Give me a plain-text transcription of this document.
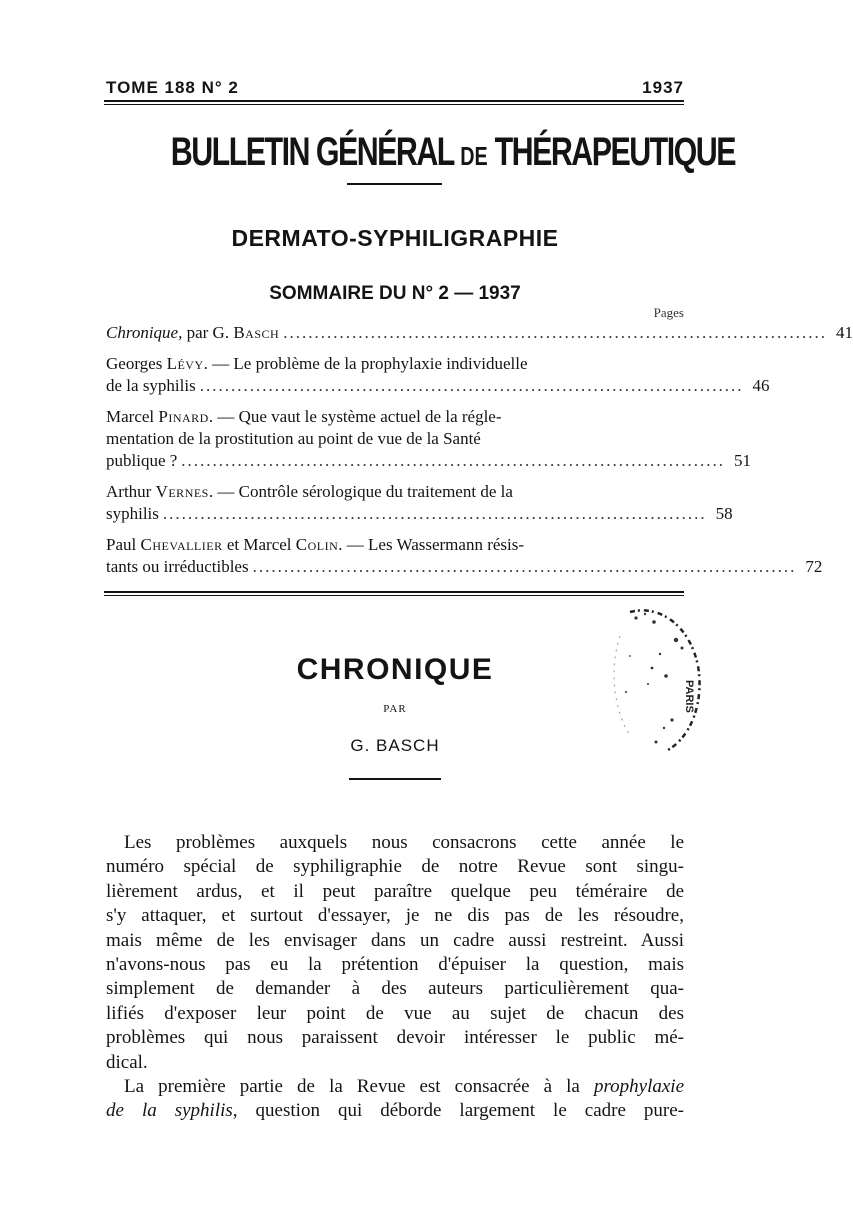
TOME 188 N° 2	1937
BULLETIN GÉNÉRAL DE THÉRAPEUTIQUE
DERMATO-SYPHILIGRAPHIE
SOMMAIRE DU N° 2 — 1937
Pages
Chronique, par G. Basch ....................................................................................... 41
Georges Lévy. — Le problème de la prophylaxie individuelle
de la syphilis ....................................................................................... 46
Marcel Pinard. — Que vaut le système actuel de la régle-
mentation de la prostitution au point de vue de la Santé
publique ? ....................................................................................... 51
Arthur Vernes. — Contrôle sérologique du traitement de la
syphilis ....................................................................................... 58
Paul Chevallier et Marcel Colin. — Les Wassermann résis-
tants ou irréductibles ....................................................................................... 72
PARIS
CHRONIQUE
PAR
G. BASCH
Les problèmes auxquels nous consacrons cette année le
numéro spécial de syphiligraphie de notre Revue sont singu-
lièrement ardus, et il peut paraître quelque peu téméraire de
s'y attaquer, et surtout d'essayer, je ne dis pas de les résoudre,
mais même de les envisager dans un cadre aussi restreint. Aussi
n'avons-nous pas eu la prétention d'épuiser la question, mais
simplement de demander à des auteurs particulièrement qua-
lifiés d'exposer leur point de vue au sujet de chacun des
problèmes qui nous paraissent devoir intéresser le public mé-
dical.
La première partie de la Revue est consacrée à la prophylaxie
de la syphilis, question qui déborde largement le cadre pure-
